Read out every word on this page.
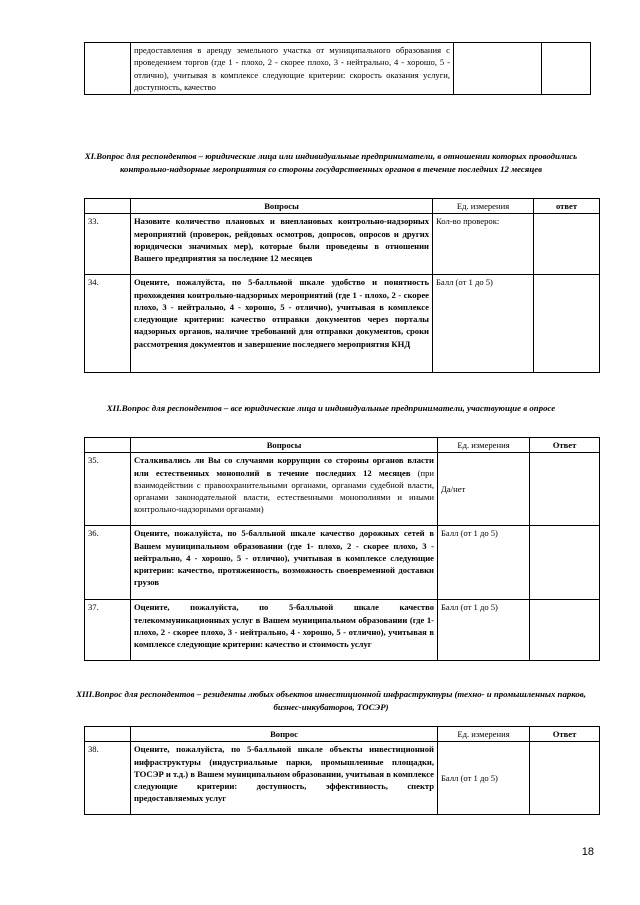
	предоставления в аренду земельного участка от муниципального образования с проведением торгов (где 1 - плохо, 2 - скорее плохо, 3 - нейтрально, 4 - хорошо, 5 - отлично), учитывая в комплексе следующие критерии: скорость оказания услуги, доступность, качество		
XI.Вопрос для респондентов – юридические лица или индивидуальные предприниматели, в отношении которых проводились контрольно-надзорные мероприятия со стороны государственных органов в течение последних 12 месяцев
	Вопросы	Ед. измерения	ответ
33.	Назовите количество плановых и внеплановых контрольно-надзорных мероприятий (проверок, рейдовых осмотров, допросов, опросов и других юридически значимых мер), которые были проведены в отношении Вашего предприятия за последние 12 месяцев	Кол-во проверок:	
34.	Оцените, пожалуйста, по 5-балльной шкале удобство и понятность прохождения контрольно-надзорных мероприятий (где 1 - плохо, 2 - скорее плохо, 3 - нейтрально, 4 - хорошо, 5 - отлично), учитывая в комплексе следующие критерии: качество отправки документов через порталы надзорных органов, наличие требований для отправки документов, сроки рассмотрения документов и завершение последнего мероприятия КНД	Балл (от 1 до 5)	
XII.Вопрос для респондентов – все юридические лица и индивидуальные предприниматели, участвующие в опросе
	Вопросы	Ед. измерения	Ответ
35.	Сталкивались ли Вы со случаями коррупции со стороны органов власти или естественных монополий в течение последних 12 месяцев (при взаимодействии с правоохранительными органами, органами судебной власти, органами законодательной власти, естественными монополиями и иными контрольно-надзорными органами)	Да/нет	
36.	Оцените, пожалуйста, по 5-балльной шкале качество дорожных сетей в Вашем муниципальном образовании (где 1- плохо, 2 - скорее плохо, 3 - нейтрально, 4 - хорошо, 5 - отлично), учитывая в комплексе следующие критерии: качество, протяженность, возможность своевременной доставки грузов	Балл (от 1 до 5)	
37.	Оцените, пожалуйста, по 5-балльной шкале качество телекоммуникационных услуг в Вашем муниципальном образовании (где 1- плохо, 2 - скорее плохо, 3 - нейтрально, 4 - хорошо, 5 - отлично), учитывая в комплексе следующие критерии: качество и стоимость услуг	Балл (от 1 до 5)	
XIII.Вопрос для респондентов – резиденты любых объектов инвестиционной инфраструктуры (техно- и промышленных парков, бизнес-инкубаторов, ТОСЭР)
	Вопрос	Ед. измерения	Ответ
38.	Оцените, пожалуйста, по 5-балльной шкале объекты инвестиционной инфраструктуры (индустриальные парки, промышленные площадки, ТОСЭР и т.д.) в Вашем муниципальном образовании, учитывая в комплексе следующие критерии: доступность, эффективность, спектр предоставляемых услуг	Балл (от 1 до 5)	
18
